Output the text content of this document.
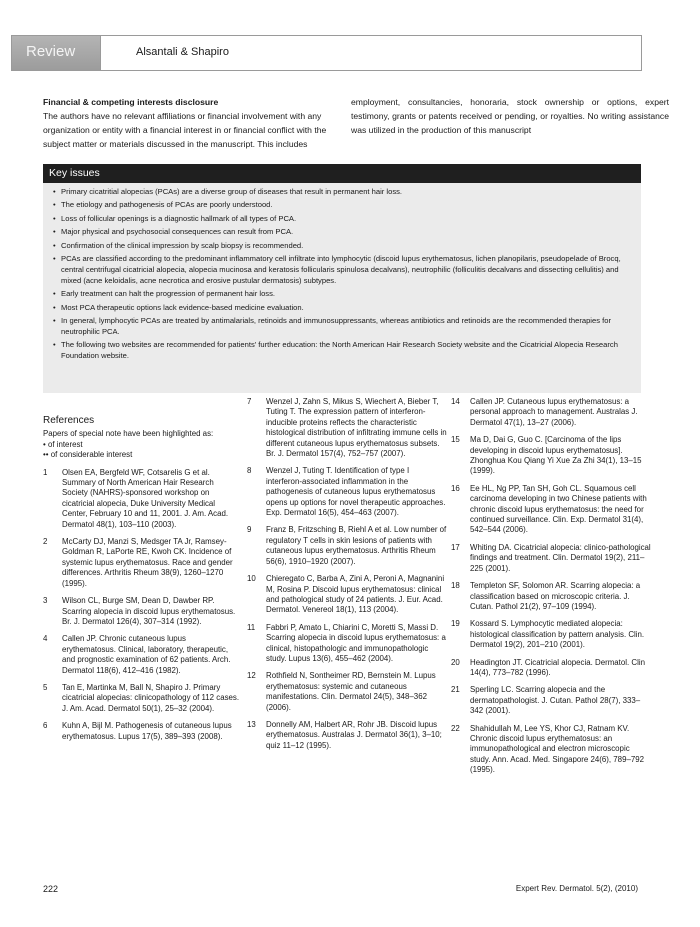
Review	Alsantali & Shapiro
Financial & competing interests disclosure
The authors have no relevant affiliations or financial involvement with any organization or entity with a financial interest in or financial conflict with the subject matter or materials discussed in the manuscript. This includes
employment, consultancies, honoraria, stock ownership or options, expert testimony, grants or patents received or pending, or royalties. No writing assistance was utilized in the production of this manuscript
Key issues
• Primary cicatritial alopecias (PCAs) are a diverse group of diseases that result in permanent hair loss.
• The etiology and pathogenesis of PCAs are poorly understood.
• Loss of follicular openings is a diagnostic hallmark of all types of PCA.
• Major physical and psychosocial consequences can result from PCA.
• Confirmation of the clinical impression by scalp biopsy is recommended.
• PCAs are classified according to the predominant inflammatory cell infiltrate into lymphocytic (discoid lupus erythematosus, lichen planopilaris, pseudopelade of Brocq, central centrifugal cicatricial alopecia, alopecia mucinosa and keratosis follicularis spinulosa decalvans), neutrophilic (folliculitis decalvans and dissecting cellulitis) and mixed (acne keloidalis, acne necrotica and erosive pustular dermatosis) subtypes.
• Early treatment can halt the progression of permanent hair loss.
• Most PCA therapeutic options lack evidence-based medicine evaluation.
• In general, lymphocytic PCAs are treated by antimalarials, retinoids and immunosuppressants, whereas antibiotics and retinoids are the recommended therapies for neutrophilic PCA.
• The following two websites are recommended for patients' further education: the North American Hair Research Society website and the Cicatricial Alopecia Research Foundation website.
References
Papers of special note have been highlighted as:
• of interest
•• of considerable interest
1 Olsen EA, Bergfeld WF, Cotsarelis G et al. Summary of North American Hair Research Society (NAHRS)-sponsored workshop on cicatricial alopecia, Duke University Medical Center, February 10 and 11, 2001. J. Am. Acad. Dermatol 48(1), 103–110 (2003).
2 McCarty DJ, Manzi S, Medsger TA Jr, Ramsey-Goldman R, LaPorte RE, Kwoh CK. Incidence of systemic lupus erythematosus. Race and gender differences. Arthritis Rheum 38(9), 1260–1270 (1995).
3 Wilson CL, Burge SM, Dean D, Dawber RP. Scarring alopecia in discoid lupus erythematosus. Br. J. Dermatol 126(4), 307–314 (1992).
4 Callen JP. Chronic cutaneous lupus erythematosus. Clinical, laboratory, therapeutic, and prognostic examination of 62 patients. Arch. Dermatol 118(6), 412–416 (1982).
5 Tan E, Martinka M, Ball N, Shapiro J. Primary cicatricial alopecias: clinicopathology of 112 cases. J. Am. Acad. Dermatol 50(1), 25–32 (2004).
6 Kuhn A, Bijl M. Pathogenesis of cutaneous lupus erythematosus. Lupus 17(5), 389–393 (2008).
7 Wenzel J, Zahn S, Mikus S, Wiechert A, Bieber T, Tuting T. The expression pattern of interferon-inducible proteins reflects the characteristic histological distribution of infiltrating immune cells in different cutaneous lupus erythematosus subsets. Br. J. Dermatol 157(4), 752–757 (2007).
8 Wenzel J, Tuting T. Identification of type I interferon-associated inflammation in the pathogenesis of cutaneous lupus erythematosus opens up options for novel therapeutic approaches. Exp. Dermatol 16(5), 454–463 (2007).
9 Franz B, Fritzsching B, Riehl A et al. Low number of regulatory T cells in skin lesions of patients with cutaneous lupus erythematosus. Arthritis Rheum 56(6), 1910–1920 (2007).
10 Chieregato C, Barba A, Zini A, Peroni A, Magnanini M, Rosina P. Discoid lupus erythematosus: clinical and pathological study of 24 patients. J. Eur. Acad. Dermatol. Venereol 18(1), 113 (2004).
11 Fabbri P, Amato L, Chiarini C, Moretti S, Massi D. Scarring alopecia in discoid lupus erythematosus: a clinical, histopathologic and immunopathologic study. Lupus 13(6), 455–462 (2004).
12 Rothfield N, Sontheimer RD, Bernstein M. Lupus erythematosus: systemic and cutaneous manifestations. Clin. Dermatol 24(5), 348–362 (2006).
13 Donnelly AM, Halbert AR, Rohr JB. Discoid lupus erythematosus. Australas J. Dermatol 36(1), 3–10; quiz 11–12 (1995).
14 Callen JP. Cutaneous lupus erythematosus: a personal approach to management. Australas J. Dermatol 47(1), 13–27 (2006).
15 Ma D, Dai G, Guo C. [Carcinoma of the lips developing in discoid lupus erythematosus]. Zhonghua Kou Qiang Yi Xue Za Zhi 34(1), 13–15 (1999).
16 Ee HL, Ng PP, Tan SH, Goh CL. Squamous cell carcinoma developing in two Chinese patients with chronic discoid lupus erythematosus: the need for continued surveillance. Clin. Exp. Dermatol 31(4), 542–544 (2006).
17 Whiting DA. Cicatricial alopecia: clinico-pathological findings and treatment. Clin. Dermatol 19(2), 211–225 (2001).
18 Templeton SF, Solomon AR. Scarring alopecia: a classification based on microscopic criteria. J. Cutan. Pathol 21(2), 97–109 (1994).
19 Kossard S. Lymphocytic mediated alopecia: histological classification by pattern analysis. Clin. Dermatol 19(2), 201–210 (2001).
20 Headington JT. Cicatricial alopecia. Dermatol. Clin 14(4), 773–782 (1996).
21 Sperling LC. Scarring alopecia and the dermatopathologist. J. Cutan. Pathol 28(7), 333–342 (2001).
22 Shahidullah M, Lee YS, Khor CJ, Ratnam KV. Chronic discoid lupus erythematosus: an immunopathological and electron microscopic study. Ann. Acad. Med. Singapore 24(6), 789–792 (1995).
222	Expert Rev. Dermatol. 5(2), (2010)
